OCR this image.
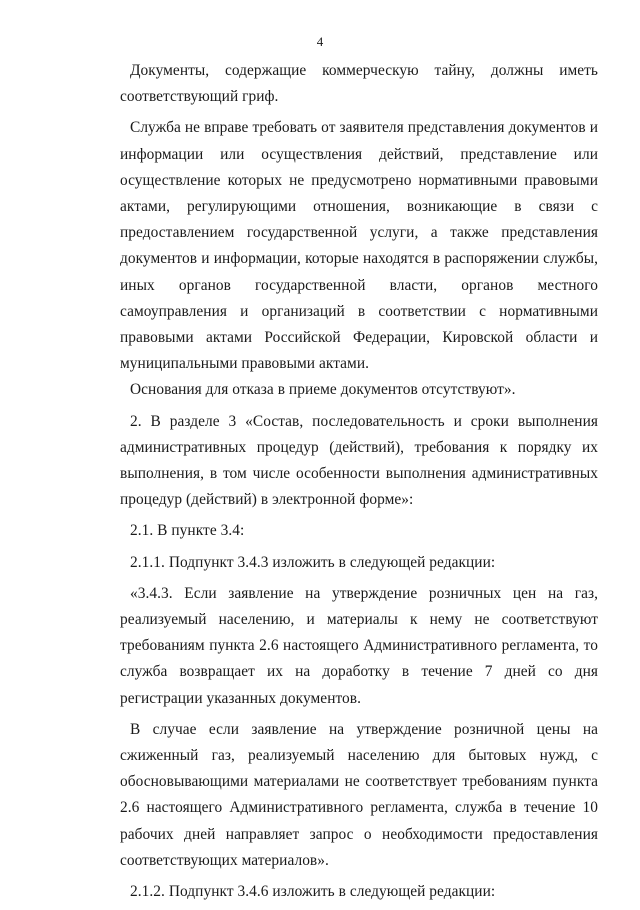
4

Документы, содержащие коммерческую тайну, должны иметь соответствующий гриф.

Служба не вправе требовать от заявителя представления документов и информации или осуществления действий, представление или осуществление которых не предусмотрено нормативными правовыми актами, регулирующими отношения, возникающие в связи с предоставлением государственной услуги, а также представления документов и информации, которые находятся в распоряжении службы, иных органов государственной власти, органов местного самоуправления и организаций в соответствии с нормативными правовыми актами Российской Федерации, Кировской области и муниципальными правовыми актами.

Основания для отказа в приеме документов отсутствуют».

2. В разделе 3 «Состав, последовательность и сроки выполнения административных процедур (действий), требования к порядку их выполнения, в том числе особенности выполнения административных процедур (действий) в электронной форме»:

2.1. В пункте 3.4:

2.1.1. Подпункт 3.4.3 изложить в следующей редакции:

«3.4.3. Если заявление на утверждение розничных цен на газ, реализуемый населению, и материалы к нему не соответствуют требованиям пункта 2.6 настоящего Административного регламента, то служба возвращает их на доработку в течение 7 дней со дня регистрации указанных документов.

В случае если заявление на утверждение розничной цены на сжиженный газ, реализуемый населению для бытовых нужд, с обосновывающими материалами не соответствует требованиям пункта 2.6 настоящего Административного регламента, служба в течение 10 рабочих дней направляет запрос о необходимости предоставления соответствующих материалов».

2.1.2. Подпункт 3.4.6 изложить в следующей редакции:
